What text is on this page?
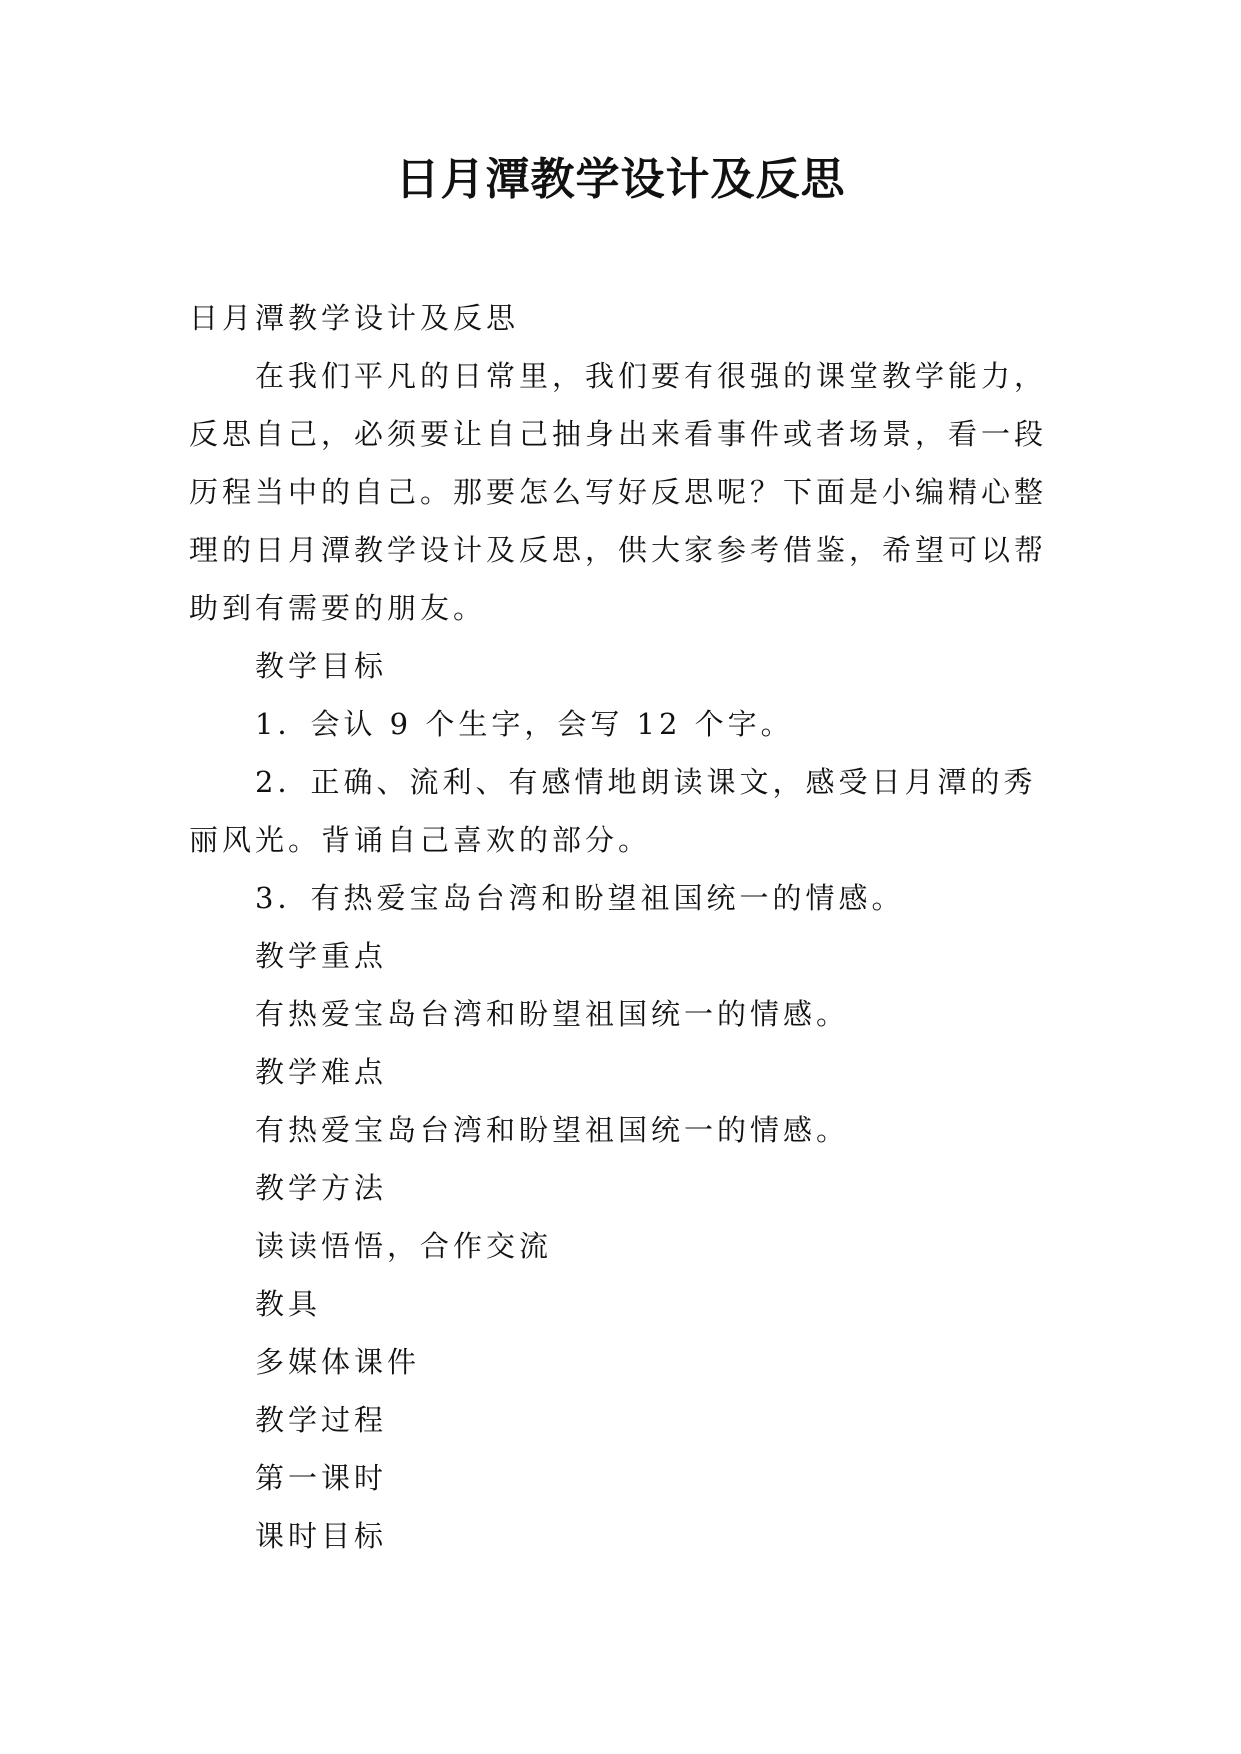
日月潭教学设计及反思

日月潭教学设计及反思

在我们平凡的日常里，我们要有很强的课堂教学能力，反思自己，必须要让自己抽身出来看事件或者场景，看一段历程当中的自己。那要怎么写好反思呢？下面是小编精心整理的日月潭教学设计及反思，供大家参考借鉴，希望可以帮助到有需要的朋友。

教学目标

1．会认 9 个生字，会写 12 个字。

2．正确、流利、有感情地朗读课文，感受日月潭的秀丽风光。背诵自己喜欢的部分。

3．有热爱宝岛台湾和盼望祖国统一的情感。

教学重点

有热爱宝岛台湾和盼望祖国统一的情感。

教学难点

有热爱宝岛台湾和盼望祖国统一的情感。

教学方法

读读悟悟，合作交流

教具

多媒体课件

教学过程

第一课时

课时目标
